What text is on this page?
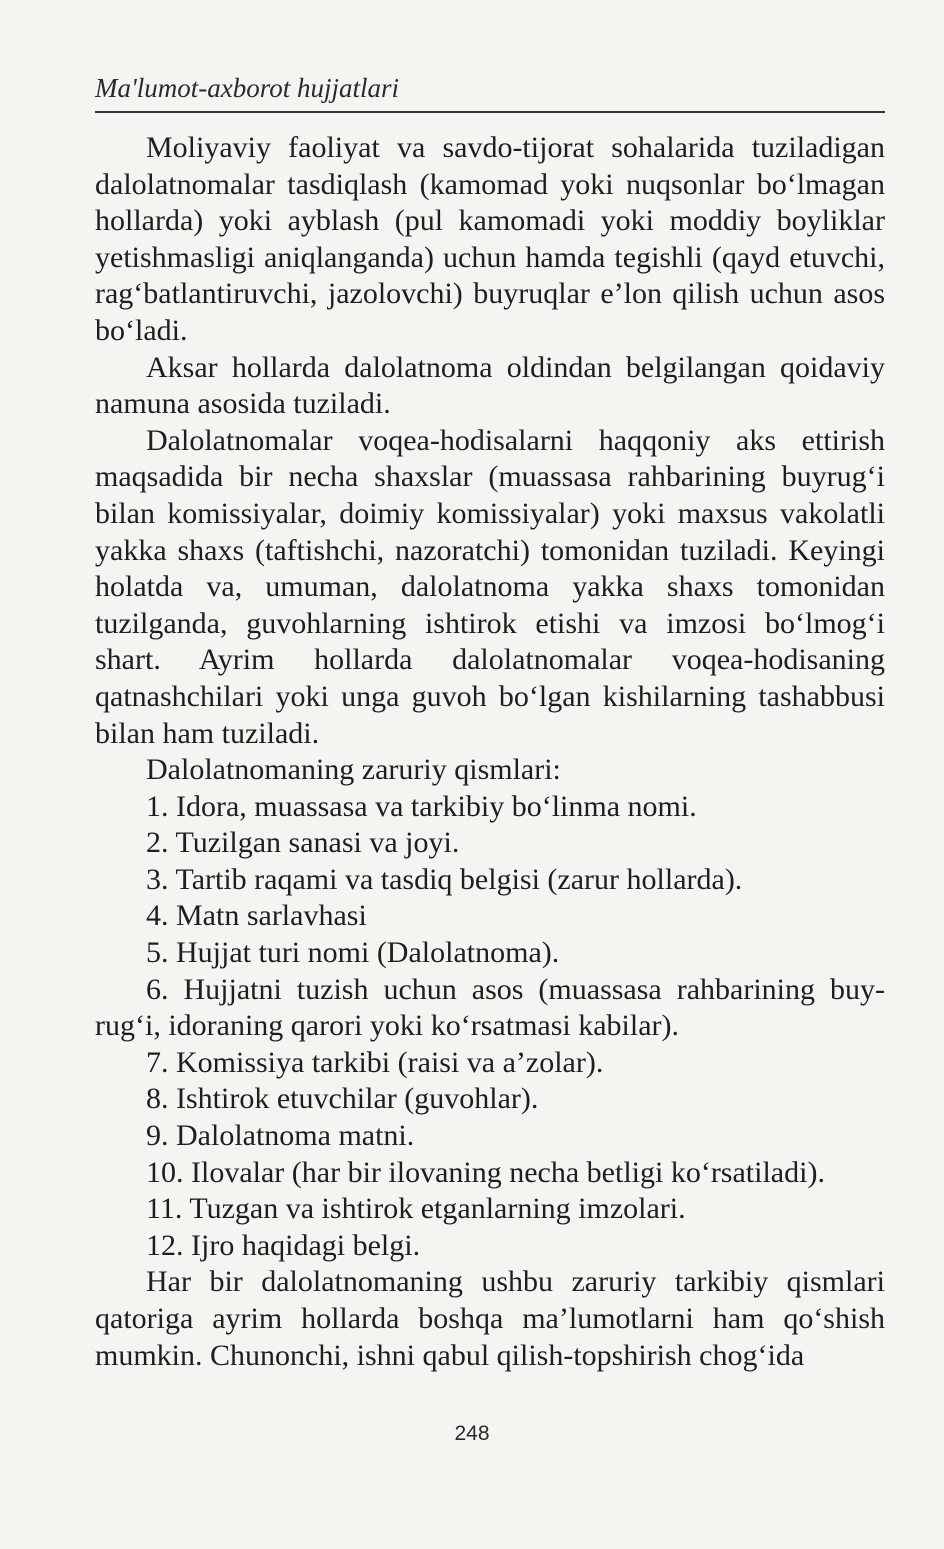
Ma'lumot-axborot hujjatlari

Moliyaviy faoliyat va savdo-tijorat sohalarida tuziladigan dalolatnomalar tasdiqlash (kamomad yoki nuqsonlar bo‘lmagan hollarda) yoki ayblash (pul kamomadi yoki moddiy boyliklar yetishmasligi aniqlanganda) uchun hamda tegishli (qayd etuvchi, rag‘batlantiruvchi, jazolovchi) buyruqlar e’lon qilish uchun asos bo‘ladi.

Aksar hollarda dalolatnoma oldindan belgilangan qoidaviy namuna asosida tuziladi.

Dalolatnomalar voqea-hodisalarni haqqoniy aks ettirish maqsadida bir necha shaxslar (muassasa rahbarining buyrug‘i bilan komissiyalar, doimiy komissiyalar) yoki maxsus vakolatli yakka shaxs (taftishchi, nazoratchi) tomonidan tuziladi. Keyingi holatda va, umuman, dalolatnoma yakka shaxs tomonidan tuzilganda, guvohlarning ishtirok etishi va imzosi bo‘lmog‘i shart. Ayrim hollarda dalolatnomalar voqea-hodisaning qatnashchilari yoki unga guvoh bo‘lgan kishilarning tashabbusi bilan ham tuziladi.

Dalolatnomaning zaruriy qismlari:

1. Idora, muassasa va tarkibiy bo‘linma nomi.

2. Tuzilgan sanasi va joyi.

3. Tartib raqami va tasdiq belgisi (zarur hollarda).

4. Matn sarlavhasi

5. Hujjat turi nomi (Dalolatnoma).

6. Hujjatni tuzish uchun asos (muassasa rahbarining buyrug‘i, idoraning qarori yoki ko‘rsatmasi kabilar).

7. Komissiya tarkibi (raisi va a’zolar).

8. Ishtirok etuvchilar (guvohlar).

9. Dalolatnoma matni.

10. Ilovalar (har bir ilovaning necha betligi ko‘rsatiladi).

11. Tuzgan va ishtirok etganlarning imzolari.

12. Ijro haqidagi belgi.

Har bir dalolatnomaning ushbu zaruriy tarkibiy qismlari qatoriga ayrim hollarda boshqa ma’lumotlarni ham qo‘shish mumkin. Chunonchi, ishni qabul qilish-topshirish chog‘ida

248
